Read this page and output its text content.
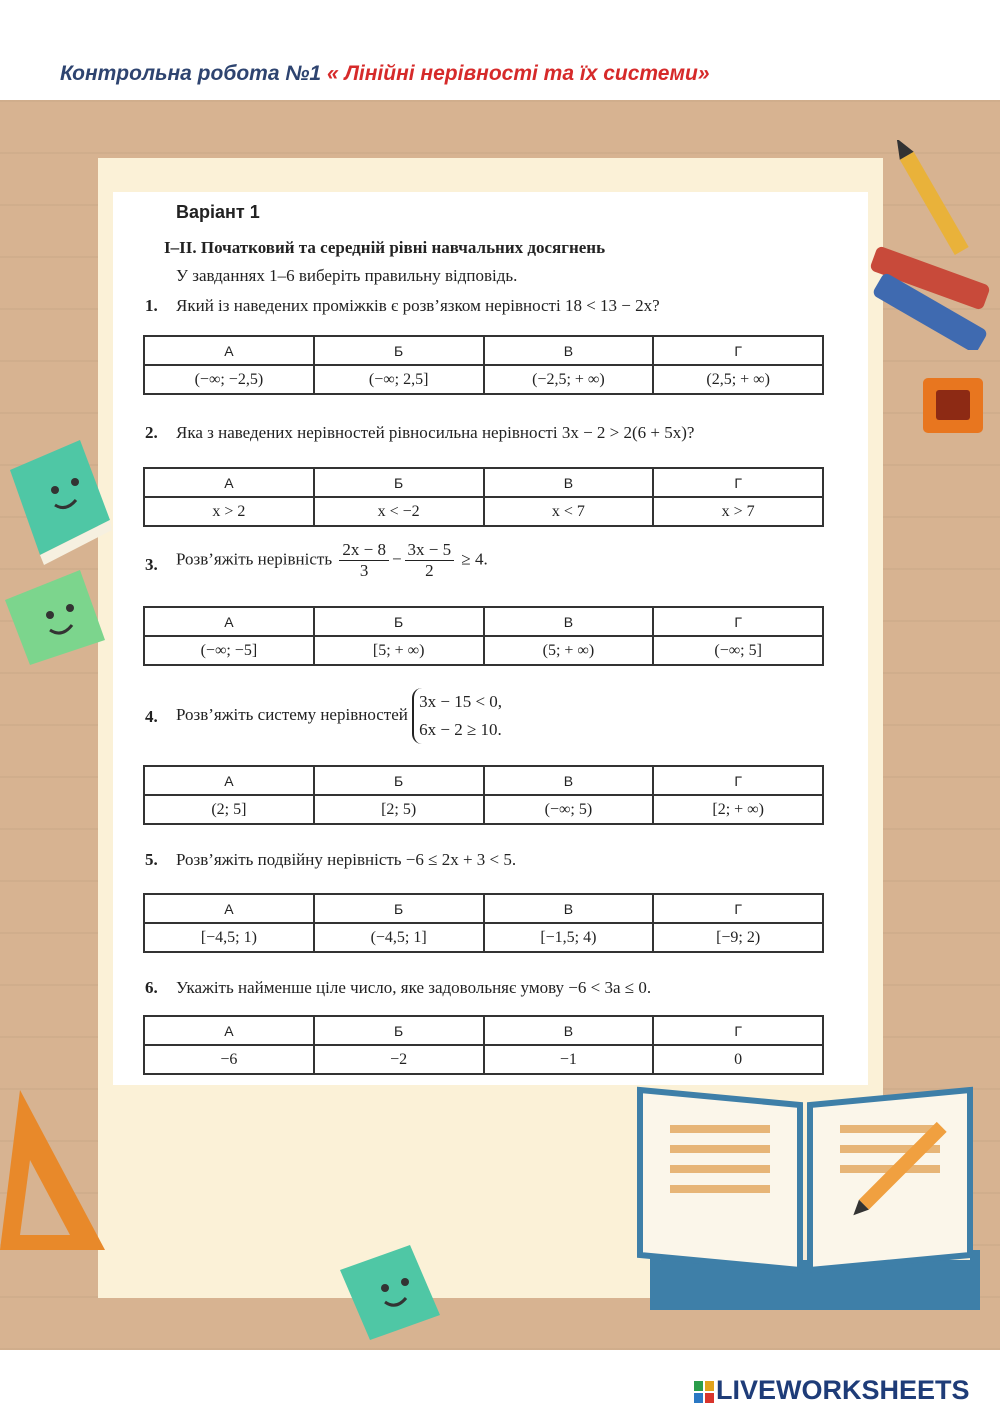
Контрольна робота №1 « Лінійні нерівності та їх системи»
Варіант 1
I–II. Початковий та середній рівні навчальних досягнень
У завданнях 1–6 виберіть правильну відповідь.
1. Який із наведених проміжків є розв’язком нерівності 18 < 13 − 2x?
А	Б	В	Г
(−∞; −2,5)	(−∞; 2,5]	(−2,5; + ∞)	(2,5; + ∞)
2. Яка з наведених нерівностей рівносильна нерівності 3x − 2 > 2(6 + 5x)?
А	Б	В	Г
x > 2	x < −2	x < 7	x > 7
3. Розв’яжіть нерівність $\frac{2x - 8}{3} - \frac{3x - 5}{2} \ge 4$.
А	Б	В	Г
(−∞; −5]	[5; + ∞)	(5; + ∞)	(−∞; 5]
4. Розв’яжіть систему нерівностей
3x − 15 < 0,
6x − 2 ≥ 10.
А	Б	В	Г
(2; 5]	[2; 5)	(−∞; 5)	[2; + ∞)
5. Розв’яжіть подвійну нерівність −6 ≤ 2x + 3 < 5.
А	Б	В	Г
[−4,5; 1)	(−4,5; 1]	[−1,5; 4)	[−9; 2)
6. Укажіть найменше ціле число, яке задовольняє умову −6 < 3a ≤ 0.
А	Б	В	Г
−6	−2	−1	0
LIVEWORKSHEETS
